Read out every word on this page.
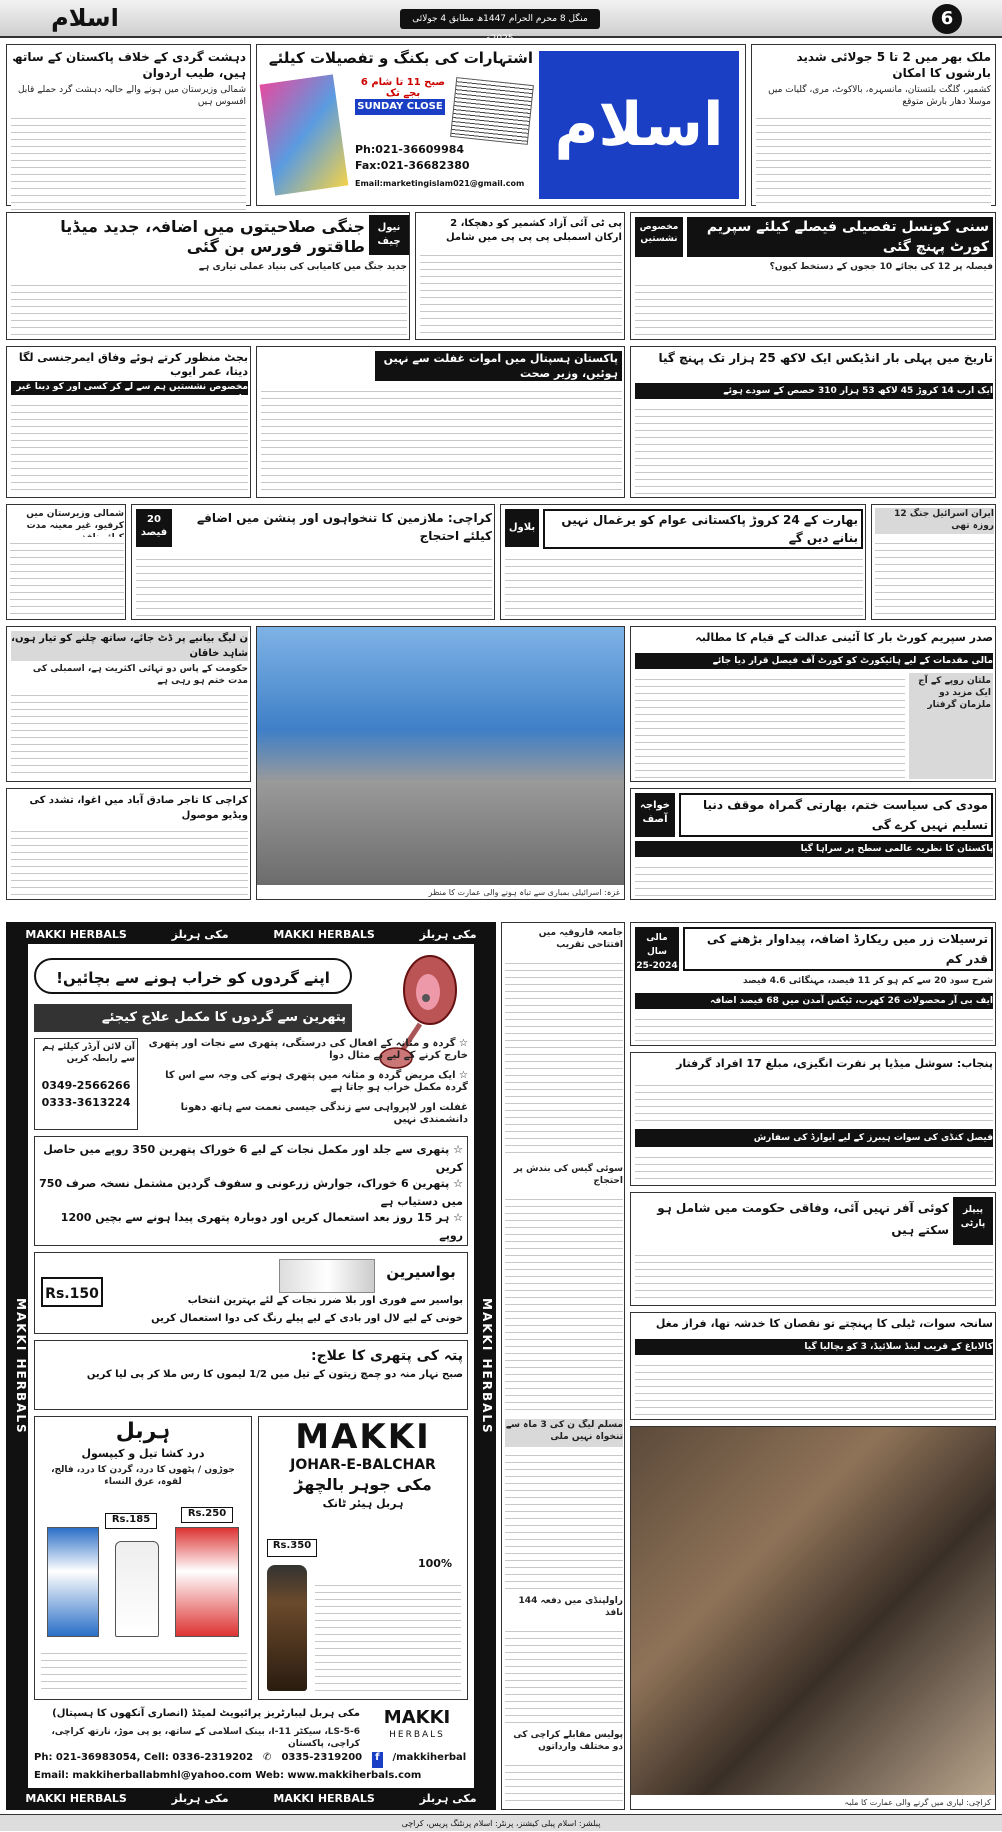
اسلام	منگل 8 محرم الحرام 1447ھ مطابق 4 جولائی 2025ء
6
دہشت گردی کے خلاف پاکستان کے ساتھ ہیں، طیب اردوان
شمالی وزیرستان میں ہونے والے حالیہ دہشت گرد حملے قابل افسوس ہیں	اسلام
اشتہارات کی بکنگ و تفصیلات کیلئے
صبح 11 تا شام 6 بجے تک
SUNDAY CLOSE
Ph:021-36609984
Fax:021-36682380
Email:marketingislam021@gmail.com
ملک بھر میں 2 تا 5 جولائی شدید بارشوں کا امکان
کشمیر، گلگت بلتستان، مانسہرہ، بالاکوٹ، مری، گلیات میں موسلا دھار بارش متوقع
نیول چیف
جنگی صلاحیتوں میں اضافہ، جدید میڈیا طاقتور فورس بن گئی
جدید جنگ میں کامیابی کی بنیاد عملی تیاری ہے
پی ٹی آئی آزاد کشمیر کو دھچکا، 2 ارکان اسمبلی پی پی پی میں شامل
مخصوص نشستیں
سنی کونسل تفصیلی فیصلے کیلئے سپریم کورٹ پہنچ گئی
فیصلہ پر 12 کی بجائے 10 ججوں کے دستخط کیوں؟
بجٹ منظور کرتے ہوئے وفاق ایمرجنسی لگا دیتا، عمر ایوب
مخصوص نشستیں ہم سے لے کر کسی اور کو دینا غیر
پاکستان ہسپتال میں اموات غفلت سے نہیں ہوئیں، وزیر صحت
تاریخ میں پہلی بار انڈیکس ایک لاکھ 25 ہزار تک پہنچ گیا
ایک ارب 14 کروڑ 45 لاکھ 53 ہزار 310 حصص کے سودے ہوئے
شمالی وزیرستان میں کرفیو، غیر معینہ مدت
20 فیصد
کراچی: ملازمین کا تنخواہوں اور پنشن میں اضافے کیلئے احتجاج
بلاول
بھارت کے 24 کروڑ پاکستانی عوام کو یرغمال نہیں بنانے دیں گے
ایران اسرائیل جنگ 12 روزہ تھی
ن لیگ بیانیے پر ڈٹ جائے، ساتھ چلنے کو تیار ہوں، شاہد خاقان
حکومت کے پاس دو تہائی اکثریت ہے، اسمبلی کی مدت ختم ہو رہی ہے
غزہ: اسرائیلی بمباری سے تباہ ہونے والی عمارت کا منظر
صدر سپریم کورٹ بار کا آئینی عدالت کے قیام کا مطالبہ
مالی مقدمات کے لیے ہائیکورٹ کو کورٹ آف فیصل قرار دیا جائے
ملتان روپے کے آج ایک مزید دو ملزمان گرفتار
کراچی کا تاجر صادق آباد میں اغوا، تشدد کی ویڈیو موصول
خواجہ آصف
مودی کی سیاست ختم، بھارتی گمراہ موقف دنیا تسلیم نہیں کرے گی
پاکستان کا نظریہ عالمی سطح پر سراہا گیا
MAKKI HERBALS	مکی ہربلز	MAKKI HERBALS	مکی ہربلز
MAKKI HERBALS	MAKKI HERBALS
MAKKI HERBALS	مکی ہربلز	MAKKI HERBALS	مکی ہربلز
اپنے گردوں کو خراب ہونے سے بچائیں!
پتھرین سے گردوں کا مکمل علاج کیجئے
☆ گردہ و مثانہ کے افعال کی درستگی، پتھری سے نجات اور پتھری خارج کرنے کے لیے بے مثال دوا
☆ ایک مریض گردہ و مثانہ میں پتھری ہونے کی وجہ سے اس کا گردہ مکمل خراب ہو جاتا ہے
غفلت اور لاپرواہی سے زندگی جیسی نعمت سے ہاتھ دھونا دانشمندی نہیں
آن لائن آرڈر کیلئے ہم سے رابطہ کریں
0349-2566266
0333-3613224
☆ پتھری سے جلد اور مکمل نجات کے لیے 6 خوراک پتھرین 350 روپے میں حاصل کریں
☆ پتھرین 6 خوراک، جوارش زرعونی و سفوف گردین مشتمل نسخہ صرف 750 میں دستیاب ہے
☆ ہر 15 روز بعد استعمال کریں اور دوبارہ پتھری پیدا ہونے سے بچیں 1200 روپے
بواسیرین
بواسیر سے فوری اور بلا ضرر نجات کے لئے بہترین انتخاب
خونی کے لیے لال اور بادی کے لیے پیلے رنگ کی دوا استعمال کریں
Rs.150
پتہ کی پتھری کا علاج:
صبح نہار منہ دو چمچ زیتون کے تیل میں 1/2 لیموں کا رس ملا کر پی لیا کریں
ہربل
درد کشا تیل و کیپسول
جوڑوں / پٹھوں کا درد، گردن کا درد، فالج، لقوہ، عرق النساء
Rs.185
Rs.250
MAKKI
JOHAR-E-BALCHAR
مکی جوہر بالچھڑ
ہربل ہیئر ٹانک
Rs.350
100%
مکی ہربل لیبارٹریز پرائیویٹ لمیٹڈ (انصاری آنکھوں کا ہسپتال)
LS-5-6، سیکٹر 11-I، بینک اسلامی کے ساتھ، یو پی موڑ، نارتھ کراچی، کراچی، پاکستان
MAKKI
HERBALS
Ph: 021-36983054, Cell: 0336-2319202 ✆ 0335-2319200	f	/makkiherbal
Email: makkiherballabmhl@yahoo.com Web: www.makkiherbals.com
جامعہ فاروقیہ میں افتتاحی تقریب
سوئی گیس کی بندش پر احتجاج
مسلم لیگ ن کی 3 ماہ سے تنخواہ نہیں ملی
راولپنڈی میں دفعہ 144 نافذ
پولیس مقابلے کراچی کی دو مختلف وارداتوں
مالی سال 2024-25
ترسیلات زر میں ریکارڈ اضافہ، پیداوار بڑھنے کی قدر کم
شرح سود 20 سے کم ہو کر 11 فیصد، مہنگائی 4.6 فیصد
ایف بی آر محصولات 26 کھرب، ٹیکس آمدن میں 68 فیصد اضافہ
پنجاب: سوشل میڈیا پر نفرت انگیزی، مبلغ 17 افراد گرفتار
فیصل کنڈی کی سوات ہیبرز کے لیے ایوارڈ کی سفارش
پیپلز پارٹی
کوئی آفر نہیں آئی، وفاقی حکومت میں شامل ہو سکتے ہیں
سانحہ سوات، ٹیلی کا پہنچتے تو نقصان کا خدشہ تھا، فراز مغل
کالاباغ کے قریب لینڈ سلائیڈ، 3 کو بچالیا گیا
کراچی: لیاری میں گرنے والی عمارت کا ملبہ
پبلشر: اسلام پبلی کیشنز، پرنٹر: اسلام پرنٹنگ پریس، کراچی
